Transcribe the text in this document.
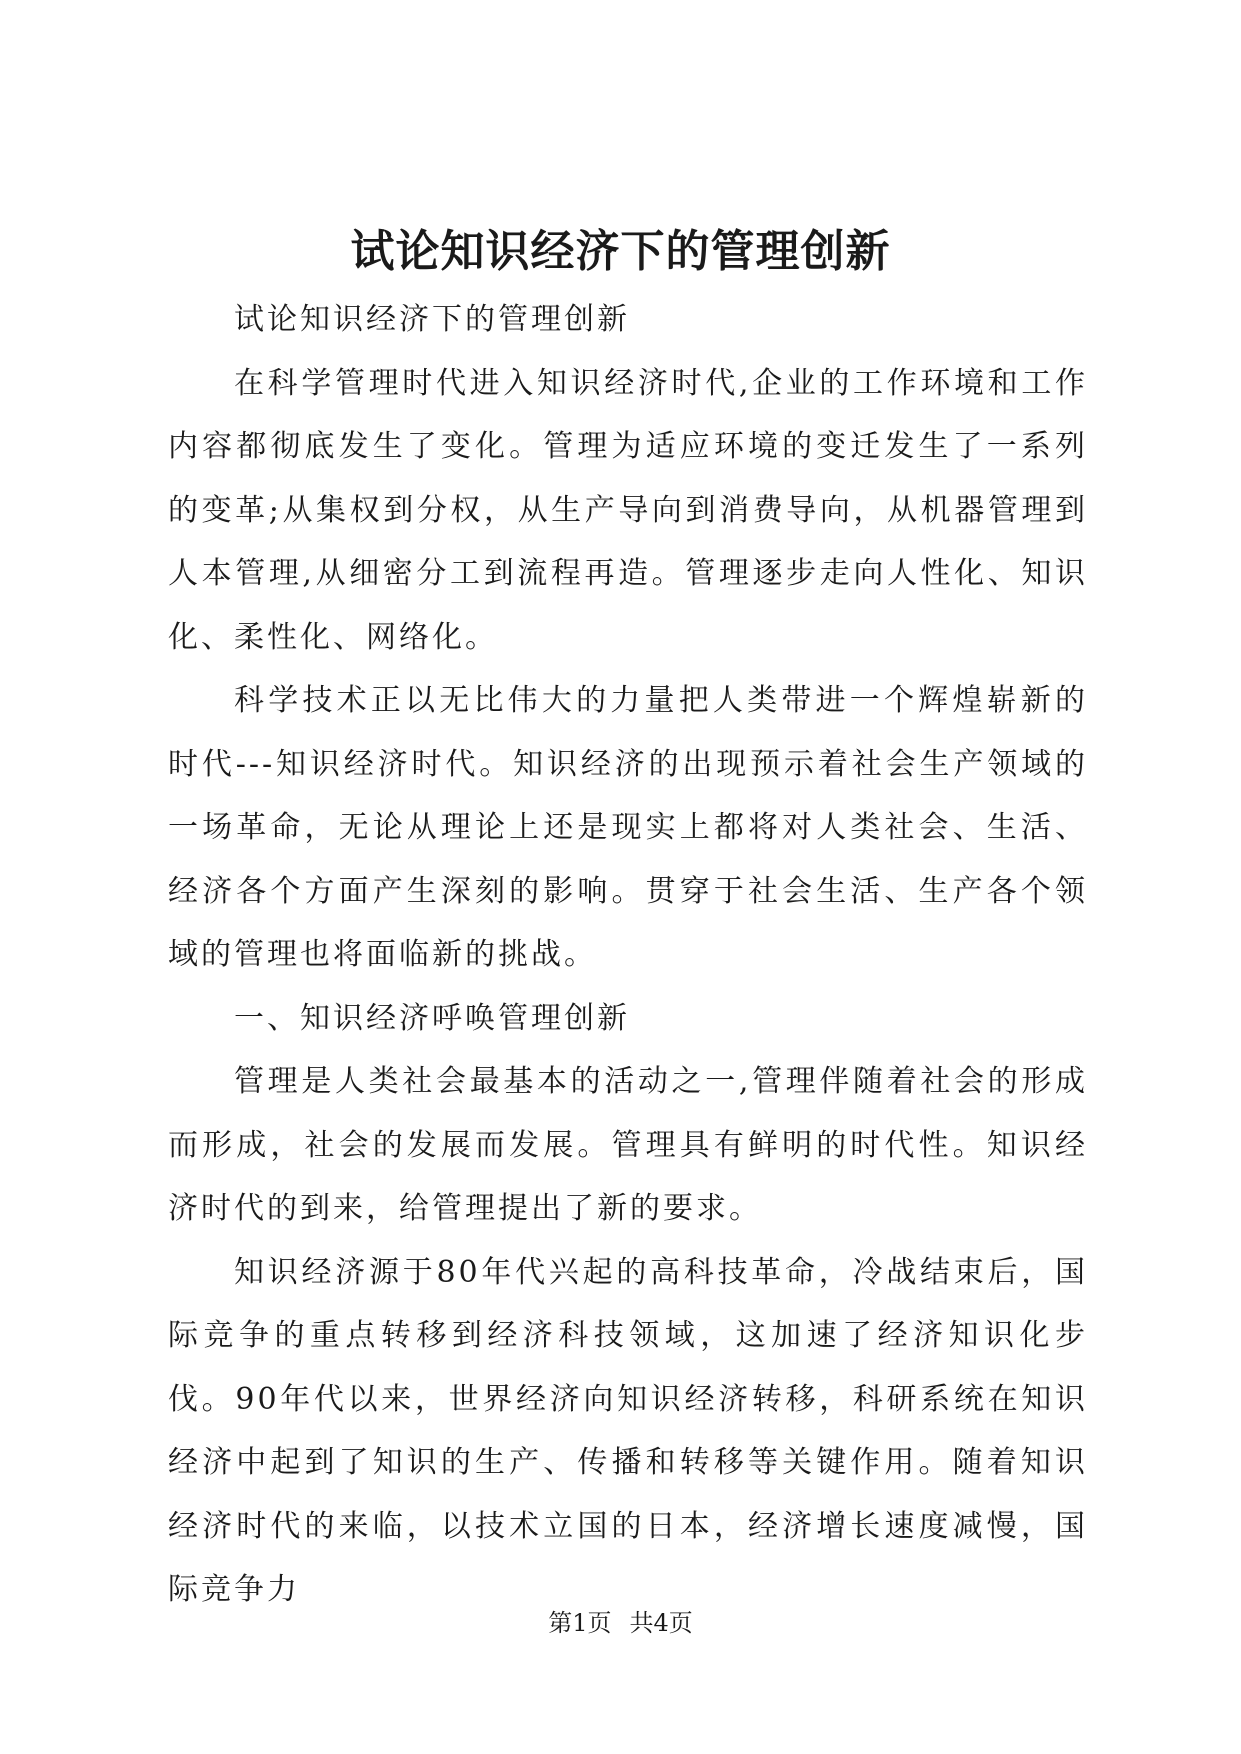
试论知识经济下的管理创新

试论知识经济下的管理创新

在科学管理时代进入知识经济时代,企业的工作环境和工作内容都彻底发生了变化。管理为适应环境的变迁发生了一系列的变革;从集权到分权，从生产导向到消费导向，从机器管理到人本管理,从细密分工到流程再造。管理逐步走向人性化、知识化、柔性化、网络化。

科学技术正以无比伟大的力量把人类带进一个辉煌崭新的时代---知识经济时代。知识经济的出现预示着社会生产领域的一场革命，无论从理论上还是现实上都将对人类社会、生活、经济各个方面产生深刻的影响。贯穿于社会生活、生产各个领域的管理也将面临新的挑战。

一、知识经济呼唤管理创新

管理是人类社会最基本的活动之一,管理伴随着社会的形成而形成，社会的发展而发展。管理具有鲜明的时代性。知识经济时代的到来，给管理提出了新的要求。

知识经济源于80年代兴起的高科技革命，冷战结束后，国际竞争的重点转移到经济科技领域，这加速了经济知识化步伐。90年代以来，世界经济向知识经济转移，科研系统在知识经济中起到了知识的生产、传播和转移等关键作用。随着知识经济时代的来临，以技术立国的日本，经济增长速度减慢，国际竞争力

第1页 共4页
